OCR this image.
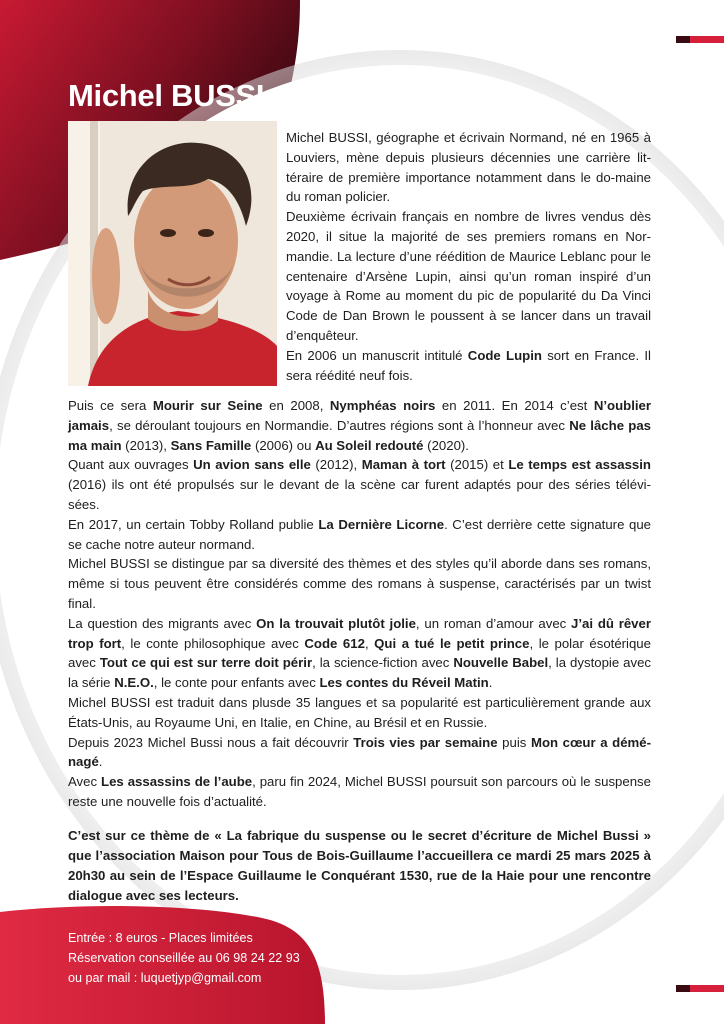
Michel BUSSI

Michel BUSSI, géographe et écrivain Normand, né en 1965 à Louviers, mène depuis plusieurs décennies une carrière lit-téraire de première importance notamment dans le do-maine du roman policier.

Deuxième écrivain français en nombre de livres vendus dès 2020, il situe la majorité de ses premiers romans en Nor-mandie. La lecture d’une réédition de Maurice Leblanc pour le centenaire d’Arsène Lupin, ainsi qu’un roman inspiré d’un voyage à Rome au moment du pic de popularité du Da Vinci Code de Dan Brown le poussent à se lancer dans un travail d’enquêteur.

En 2006 un manuscrit intitulé Code Lupin sort en France. Il sera réédité neuf fois.

Puis ce sera Mourir sur Seine en 2008, Nymphéas noirs en 2011. En 2014 c’est N’oublier jamais, se déroulant toujours en Normandie. D’autres régions sont à l’honneur avec Ne lâche pas ma main (2013), Sans Famille (2006) ou Au Soleil redouté (2020).

Quant aux ouvrages Un avion sans elle (2012), Maman à tort (2015) et Le temps est assassin (2016) ils ont été propulsés sur le devant de la scène car furent adaptés pour des séries télévi-sées.

En 2017, un certain Tobby Rolland publie La Dernière Licorne. C’est derrière cette signature que se cache notre auteur normand.

Michel BUSSI se distingue par sa diversité des thèmes et des styles qu’il aborde dans ses romans, même si tous peuvent être considérés comme des romans à suspense, caractérisés par un twist final.

La question des migrants avec On la trouvait plutôt jolie, un roman d’amour avec J’ai dû rêver trop fort, le conte philosophique avec Code 612, Qui a tué le petit prince, le polar ésotérique avec Tout ce qui est sur terre doit périr, la science-fiction avec Nouvelle Babel, la dystopie avec la série N.E.O., le conte pour enfants avec Les contes du Réveil Matin.

Michel BUSSI est traduit dans plusde 35 langues et sa popularité est particulièrement grande aux États-Unis, au Royaume Uni, en Italie, en Chine, au Brésil et en Russie.

Depuis 2023 Michel Bussi nous a fait découvrir Trois vies par semaine puis Mon cœur a démé-nagé.

Avec Les assassins de l’aube, paru fin 2024, Michel BUSSI poursuit son parcours où le suspense reste une nouvelle fois d’actualité.

C’est sur ce thème de « La fabrique du suspense ou le secret d’écriture de Michel Bussi » que l’association Maison pour Tous de Bois-Guillaume l’accueillera ce mardi 25 mars 2025 à 20h30 au sein de l’Espace Guillaume le Conquérant 1530, rue de la Haie pour une rencontre dialogue avec ses lecteurs.

Entrée : 8 euros - Places limitées

Réservation conseillée au 06 98 24 22 93

ou par mail : luquetjyp@gmail.com
